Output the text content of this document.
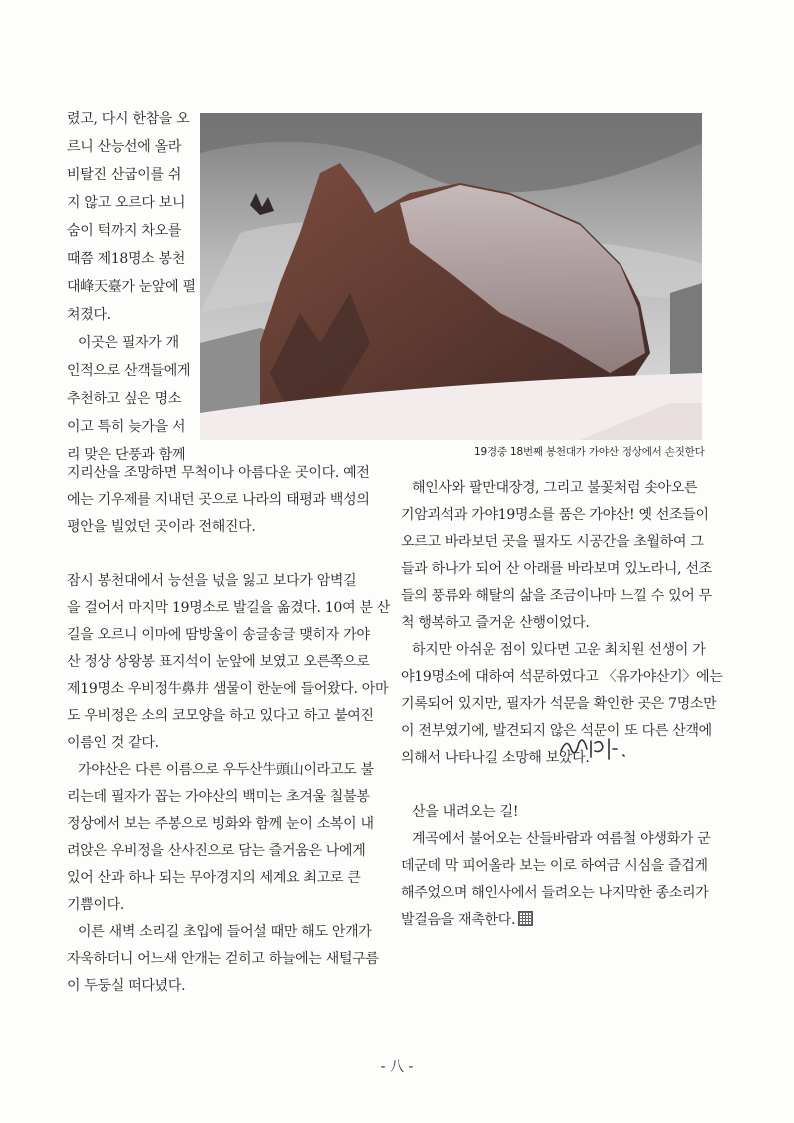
19경중 18번째 봉천대가 가야산 정상에서 손짓한다
렸고, 다시 한참을 오
르니 산능선에 올라
비탈진 산굽이를 쉬
지 않고 오르다 보니
숨이 턱까지 차오를
때쯤 제18명소 봉천
대峰天臺가 눈앞에 펼
쳐졌다.
이곳은 필자가 개
인적으로 산객들에게
추천하고 싶은 명소
이고 특히 늦가을 서
리 맞은 단풍과 함께
지리산을 조망하면 무척이나 아름다운 곳이다. 예전
에는 기우제를 지내던 곳으로 나라의 태평과 백성의
평안을 빌었던 곳이라 전해진다.
잠시 봉천대에서 능선을 넋을 잃고 보다가 암벽길
을 걸어서 마지막 19명소로 발길을 옮겼다. 10여 분 산
길을 오르니 이마에 땀방울이 송글송글 맺히자 가야
산 정상 상왕봉 표지석이 눈앞에 보였고 오른쪽으로
제19명소 우비정牛鼻井 샘물이 한눈에 들어왔다. 아마
도 우비정은 소의 코모양을 하고 있다고 하고 붙여진
이름인 것 같다.
가야산은 다른 이름으로 우두산牛頭山이라고도 불
리는데 필자가 꼽는 가야산의 백미는 초겨울 칠불봉
정상에서 보는 주봉으로 빙화와 함께 눈이 소복이 내
려앉은 우비정을 산사진으로 담는 즐거움은 나에게
있어 산과 하나 되는 무아경지의 세계요 최고로 큰
기쁨이다.
이른 새벽 소리길 초입에 들어설 때만 해도 안개가
자욱하더니 어느새 안개는 걷히고 하늘에는 새털구름
이 두둥실 떠다녔다.
해인사와 팔만대장경, 그리고 불꽃처럼 솟아오른
기암괴석과 가야19명소를 품은 가야산! 옛 선조들이
오르고 바라보던 곳을 필자도 시공간을 초월하여 그
들과 하나가 되어 산 아래를 바라보며 있노라니, 선조
들의 풍류와 해탈의 삶을 조금이나마 느낄 수 있어 무
척 행복하고 즐거운 산행이었다.
하지만 아쉬운 점이 있다면 고운 최치원 선생이 가
야19명소에 대하여 석문하였다고 〈유가야산기〉에는
기록되어 있지만, 필자가 석문을 확인한 곳은 7명소만
이 전부였기에, 발견되지 않은 석문이 또 다른 산객에
의해서 나타나길 소망해 보았다.
산을 내려오는 길!
계곡에서 불어오는 산들바람과 여름철 야생화가 군
데군데 막 피어올라 보는 이로 하여금 시심을 즐겁게
해주었으며 해인사에서 들려오는 나지막한 종소리가
발걸음을 재촉한다.
- 八 -
